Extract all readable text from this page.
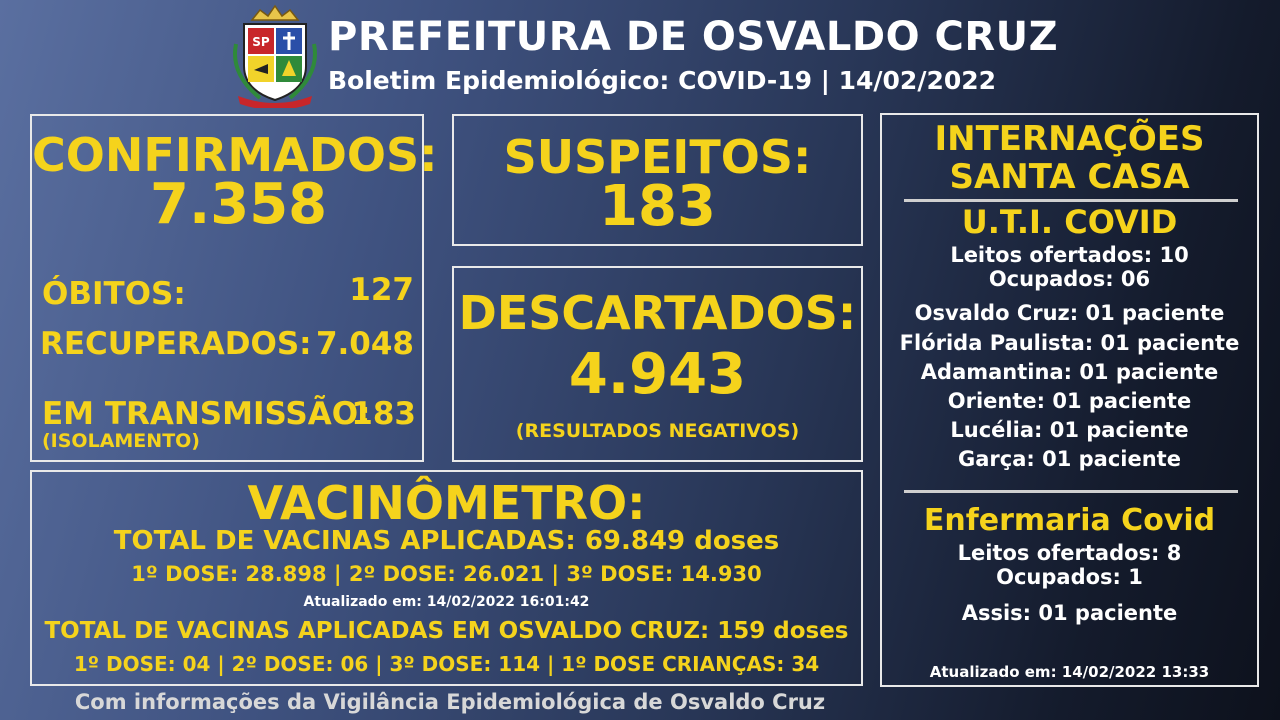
SP PREFEITURA DE OSVALDO CRUZ
Boletim Epidemiológico: COVID-19 | 14/02/2022
CONFIRMADOS:
7.358
ÓBITOS:	127
RECUPERADOS: 7.048
EM TRANSMISSÃO:
183
(ISOLAMENTO)
SUSPEITOS:
183
DESCARTADOS:
4.943
(RESULTADOS NEGATIVOS)
VACINÔMETRO:
TOTAL DE VACINAS APLICADAS: 69.849 doses
1º DOSE: 28.898 | 2º DOSE: 26.021 | 3º DOSE: 14.930
Atualizado em: 14/02/2022 16:01:42
TOTAL DE VACINAS APLICADAS EM OSVALDO CRUZ: 159 doses
1º DOSE: 04 | 2º DOSE: 06 | 3º DOSE: 114 | 1º DOSE CRIANÇAS: 34
INTERNAÇÕES
SANTA CASA
U.T.I. COVID
Leitos ofertados: 10
Ocupados: 06
Osvaldo Cruz: 01 paciente
Flórida Paulista: 01 paciente
Adamantina: 01 paciente
Oriente: 01 paciente
Lucélia: 01 paciente
Garça: 01 paciente
Enfermaria Covid
Leitos ofertados: 8
Ocupados: 1
Assis: 01 paciente
Atualizado em: 14/02/2022 13:33
Com informações da Vigilância Epidemiológica de Osvaldo Cruz
